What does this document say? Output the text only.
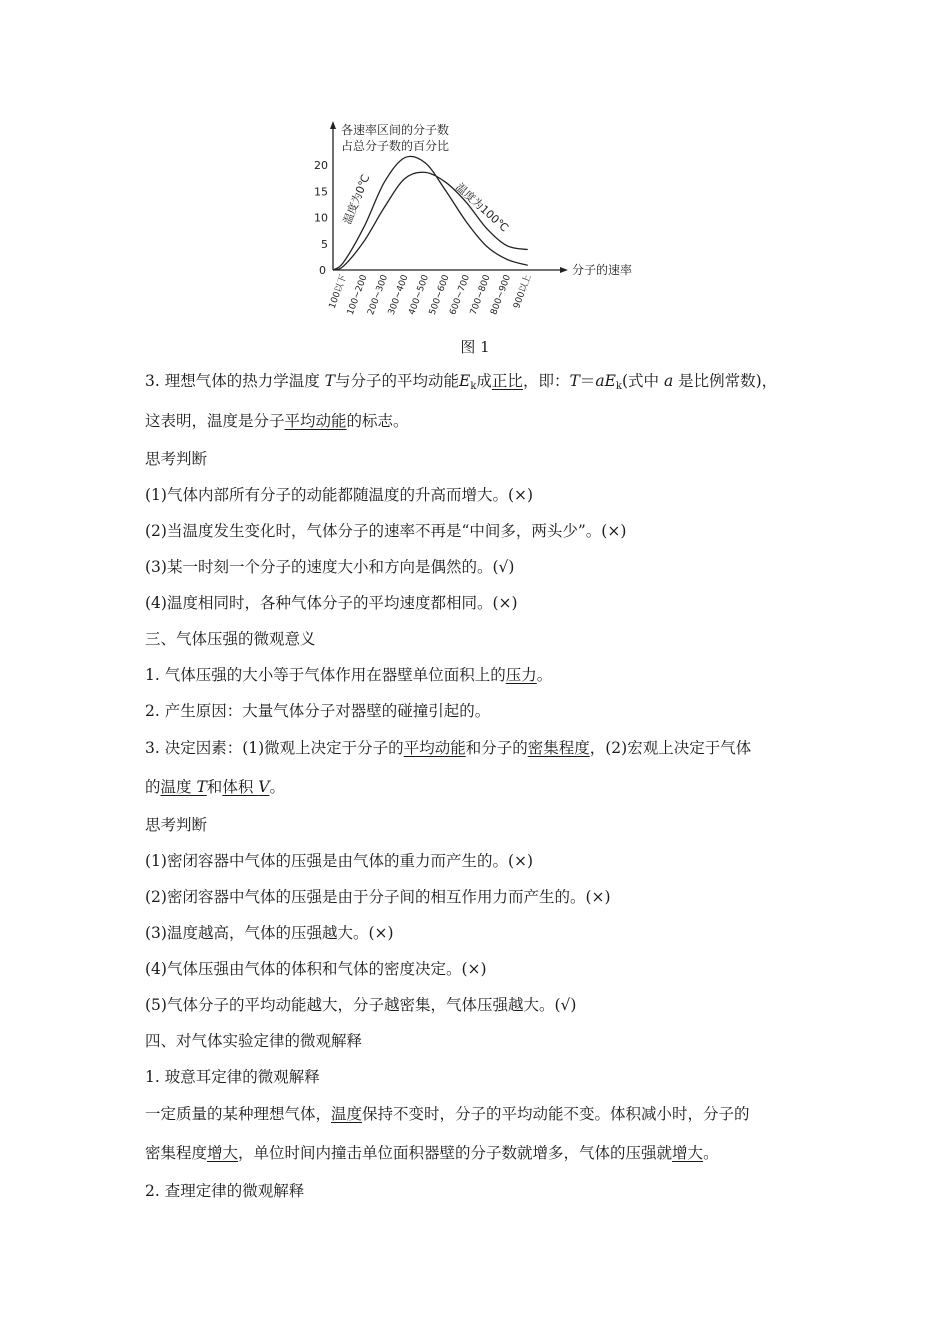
各速率区间的分子数
占总分子数的百分比
分子的速率
0
5
10
15
20
100以下
100~200
200~300
300~400
400~500
500~600
600~700
700~800
800~900 900以上
温度为0℃	温度为100℃
图 1
3. 理想气体的热力学温度 T与分子的平均动能$E_k$成正比，即：$T=aE_k$(式中 a 是比例常数)，
这表明，温度是分子平均动能的标志。
思考判断
(1)气体内部所有分子的动能都随温度的升高而增大。(×)
(2)当温度发生变化时，气体分子的速率不再是“中间多，两头少”。(×)
(3)某一时刻一个分子的速度大小和方向是偶然的。(√)
(4)温度相同时，各种气体分子的平均速度都相同。(×)
三、气体压强的微观意义
1. 气体压强的大小等于气体作用在器壁单位面积上的压力。
2. 产生原因：大量气体分子对器壁的碰撞引起的。
3. 决定因素：(1)微观上决定于分子的平均动能和分子的密集程度，(2)宏观上决定于气体
的温度 T和体积 V。
思考判断
(1)密闭容器中气体的压强是由气体的重力而产生的。(×)
(2)密闭容器中气体的压强是由于分子间的相互作用力而产生的。(×)
(3)温度越高，气体的压强越大。(×)
(4)气体压强由气体的体积和气体的密度决定。(×)
(5)气体分子的平均动能越大，分子越密集，气体压强越大。(√)
四、对气体实验定律的微观解释
1. 玻意耳定律的微观解释
一定质量的某种理想气体，温度保持不变时，分子的平均动能不变。体积减小时，分子的
密集程度增大，单位时间内撞击单位面积器壁的分子数就增多，气体的压强就增大。
2. 查理定律的微观解释
